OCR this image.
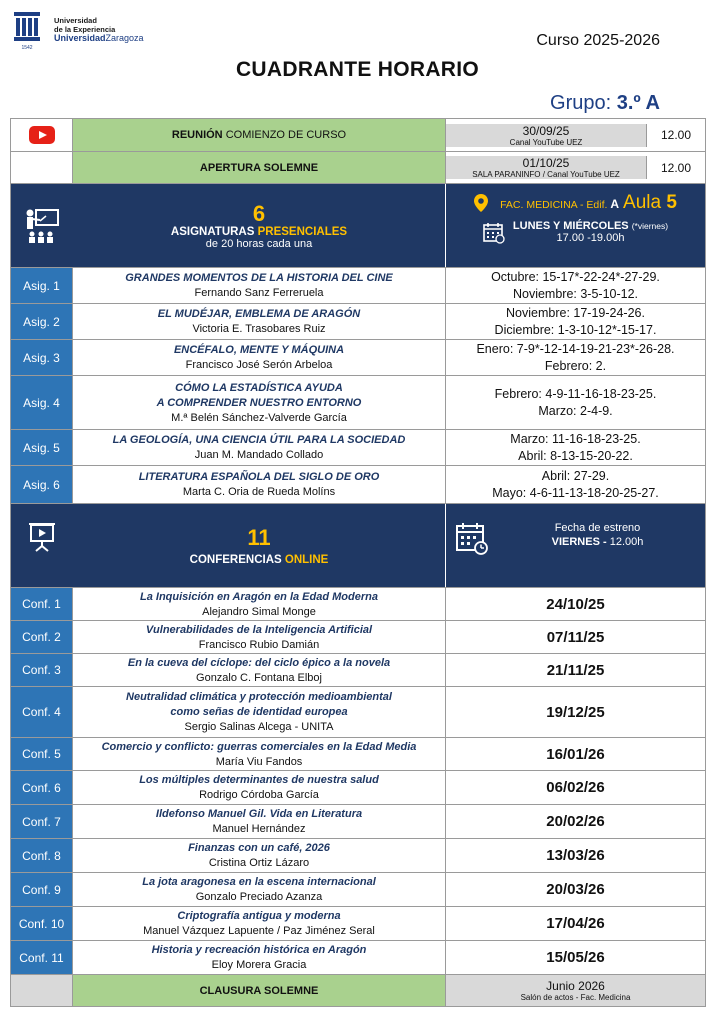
1542
Universidad
de la Experiencia
UniversidadZaragoza	Curso 2025-2026
CUADRANTE HORARIO
Grupo: 3.º A
REUNIÓN COMIENZO DE CURSO	30/09/25
Canal YouTube UEZ	12.00
APERTURA SOLEMNE	01/10/25
SALA PARANINFO / Canal YouTube UEZ	12.00
6
ASIGNATURAS PRESENCIALES
de 20 horas cada una
FAC. MEDICINA - Edif. A Aula 5
LUNES Y MIÉRCOLES (*viernes)
17.00 -19.00h
Asig. 1
GRANDES MOMENTOS DE LA HISTORIA DEL CINE
Fernando Sanz Ferreruela
Octubre: 15-17*-22-24*-27-29.
Noviembre: 3-5-10-12.
Asig. 2
EL MUDÉJAR, EMBLEMA DE ARAGÓN
Victoria E. Trasobares Ruiz
Noviembre: 17-19-24-26.
Diciembre: 1-3-10-12*-15-17.
Asig. 3
ENCÉFALO, MENTE Y MÁQUINA
Francisco José Serón Arbeloa
Enero: 7-9*-12-14-19-21-23*-26-28.
Febrero: 2.
Asig. 4
CÓMO LA ESTADÍSTICA AYUDA
A COMPRENDER NUESTRO ENTORNO
M.ª Belén Sánchez-Valverde García
Febrero: 4-9-11-16-18-23-25.
Marzo: 2-4-9.
Asig. 5
LA GEOLOGÍA, UNA CIENCIA ÚTIL PARA LA SOCIEDAD
Juan M. Mandado Collado
Marzo: 11-16-18-23-25.
Abril: 8-13-15-20-22.
Asig. 6
LITERATURA ESPAÑOLA DEL SIGLO DE ORO
Marta C. Oria de Rueda Molíns
Abril: 27-29.
Mayo: 4-6-11-13-18-20-25-27.
11
CONFERENCIAS ONLINE
Fecha de estreno
VIERNES - 12.00h
Conf. 1
La Inquisición en Aragón en la Edad Moderna
Alejandro Simal Monge	24/10/25
Conf. 2
Vulnerabilidades de la Inteligencia Artificial
Francisco Rubio Damián	07/11/25
Conf. 3
En la cueva del cíclope: del ciclo épico a la novela
Gonzalo C. Fontana Elboj	21/11/25
Conf. 4
Neutralidad climática y protección medioambiental
como señas de identidad europea
Sergio Salinas Alcega - UNITA
19/12/25
Conf. 5
Comercio y conflicto: guerras comerciales en la Edad Media
María Viu Fandos	16/01/26
Conf. 6
Los múltiples determinantes de nuestra salud
Rodrigo Córdoba García	06/02/26
Conf. 7
Ildefonso Manuel Gil. Vida en Literatura
Manuel Hernández	20/02/26
Conf. 8
Finanzas con un café, 2026
Cristina Ortiz Lázaro	13/03/26
Conf. 9
La jota aragonesa en la escena internacional
Gonzalo Preciado Azanza	20/03/26
Conf. 10
Criptografía antigua y moderna
Manuel Vázquez Lapuente / Paz Jiménez Seral	17/04/26
Conf. 11
Historia y recreación histórica en Aragón
Eloy Morera Gracia	15/05/26
CLAUSURA SOLEMNE	Junio 2026
Salón de actos - Fac. Medicina
